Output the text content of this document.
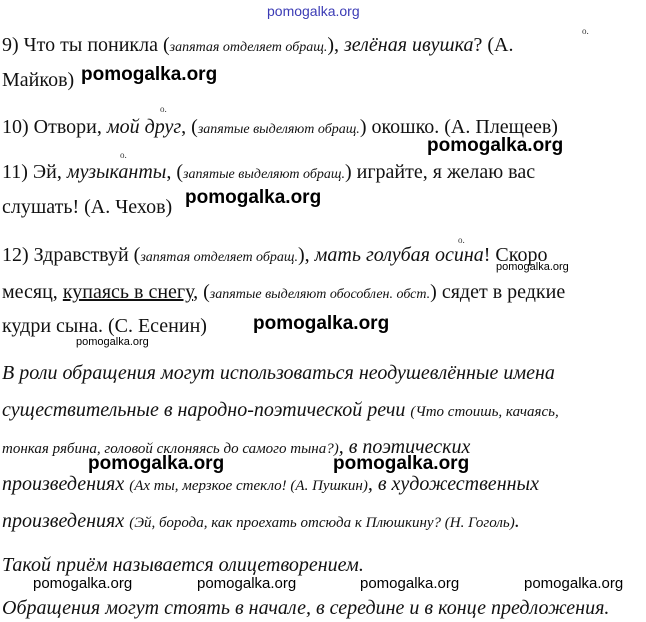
pomogalka.org
9) Что ты поникла (запятая отделяет обращ.), зелёная ивушка? (А.
о.
Майков) pomogalka.org
о.
10) Отвори, мой друг, (запятые выделяют обращ.) окошко. (А. Плещеев)
pomogalka.org
о.
11) Эй, музыканты, (запятые выделяют обращ.) играйте, я желаю вас
слушать! (А. Чехов) pomogalka.org
о.
12) Здравствуй (запятая отделяет обращ.), мать голубая осина! Скоро
pomogalka.org
месяц, купаясь в снегу, (запятые выделяют обособлен. обст.) сядет в редкие
кудри сына. (С. Есенин) pomogalka.org
pomogalka.org
В роли обращения могут использоваться неодушевлённые имена
существительные в народно-поэтической речи (Что стоишь, качаясь,
тонкая рябина, головой склоняясь до самого тына?), в поэтических
pomogalka.org	pomogalka.org
произведениях (Ах ты, мерзкое стекло! (А. Пушкин), в художественных
произведениях (Эй, борода, как проехать отсюда к Плюшкину? (Н. Гоголь).
Такой приём называется олицетворением.
pomogalka.org	pomogalka.org	pomogalka.org	pomogalka.org
Обращения могут стоять в начале, в середине и в конце предложения.
